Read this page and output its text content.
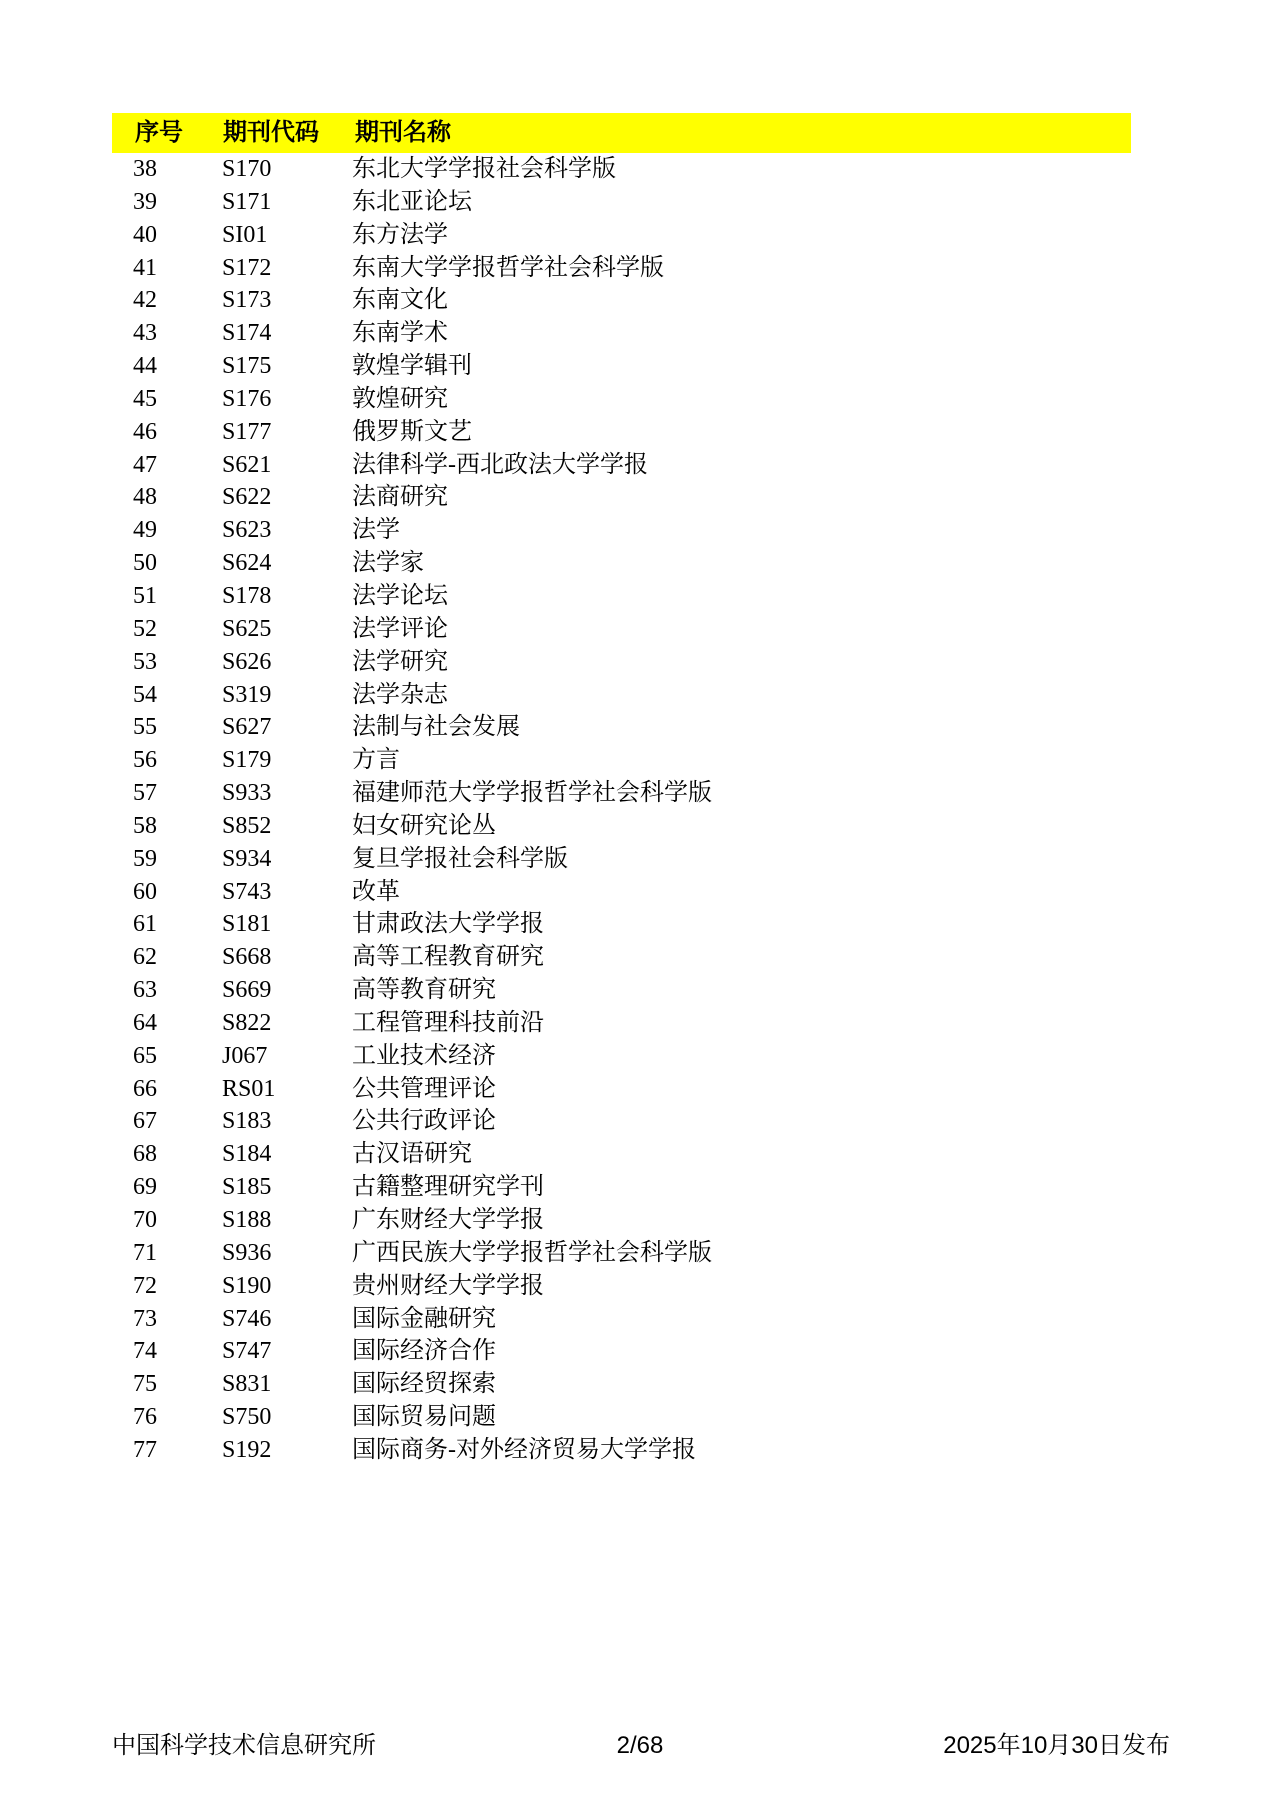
序号 期刊代码 期刊名称
38	S170	东北大学学报社会科学版
39	S171	东北亚论坛
40	SI01	东方法学
41	S172	东南大学学报哲学社会科学版
42	S173	东南文化
43	S174	东南学术
44	S175	敦煌学辑刊
45	S176	敦煌研究
46	S177	俄罗斯文艺
47	S621	法律科学-西北政法大学学报
48	S622	法商研究
49	S623	法学
50	S624	法学家
51	S178	法学论坛
52	S625	法学评论
53	S626	法学研究
54	S319	法学杂志
55	S627	法制与社会发展
56	S179	方言
57	S933	福建师范大学学报哲学社会科学版
58	S852	妇女研究论丛
59	S934	复旦学报社会科学版
60	S743	改革
61	S181	甘肃政法大学学报
62	S668	高等工程教育研究
63	S669	高等教育研究
64	S822	工程管理科技前沿
65	J067	工业技术经济
66	RS01	公共管理评论
67	S183	公共行政评论
68	S184	古汉语研究
69	S185	古籍整理研究学刊
70	S188	广东财经大学学报
71	S936	广西民族大学学报哲学社会科学版
72	S190	贵州财经大学学报
73	S746	国际金融研究
74	S747	国际经济合作
75	S831	国际经贸探索
76	S750	国际贸易问题
77	S192	国际商务-对外经济贸易大学学报
中国科学技术信息研究所	2/68	2025年10月30日发布
